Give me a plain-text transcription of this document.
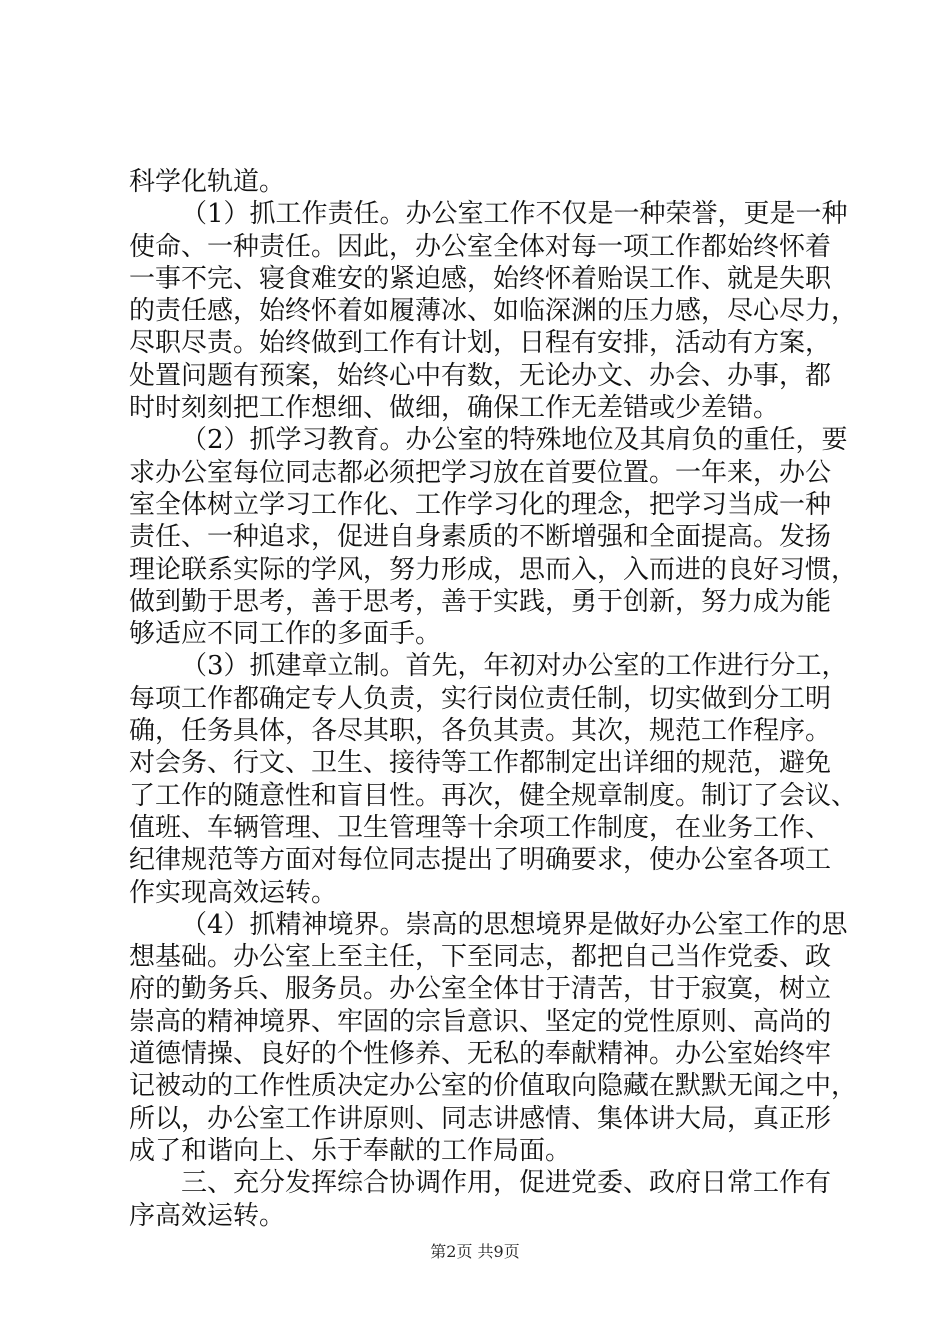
科学化轨道。
（1）抓工作责任。办公室工作不仅是一种荣誉，更是一种
使命、一种责任。因此，办公室全体对每一项工作都始终怀着
一事不完、寝食难安的紧迫感，始终怀着贻误工作、就是失职
的责任感，始终怀着如履薄冰、如临深渊的压力感，尽心尽力，
尽职尽责。始终做到工作有计划，日程有安排，活动有方案，
处置问题有预案，始终心中有数，无论办文、办会、办事，都
时时刻刻把工作想细、做细，确保工作无差错或少差错。
（2）抓学习教育。办公室的特殊地位及其肩负的重任，要
求办公室每位同志都必须把学习放在首要位置。一年来，办公
室全体树立学习工作化、工作学习化的理念，把学习当成一种
责任、一种追求，促进自身素质的不断增强和全面提高。发扬
理论联系实际的学风，努力形成，思而入，入而进的良好习惯，
做到勤于思考，善于思考，善于实践，勇于创新，努力成为能
够适应不同工作的多面手。
（3）抓建章立制。首先，年初对办公室的工作进行分工，
每项工作都确定专人负责，实行岗位责任制，切实做到分工明
确，任务具体，各尽其职，各负其责。其次，规范工作程序。
对会务、行文、卫生、接待等工作都制定出详细的规范，避免
了工作的随意性和盲目性。再次，健全规章制度。制订了会议、
值班、车辆管理、卫生管理等十余项工作制度，在业务工作、
纪律规范等方面对每位同志提出了明确要求，使办公室各项工
作实现高效运转。
（4）抓精神境界。崇高的思想境界是做好办公室工作的思
想基础。办公室上至主任，下至同志，都把自己当作党委、政
府的勤务兵、服务员。办公室全体甘于清苦，甘于寂寞，树立
崇高的精神境界、牢固的宗旨意识、坚定的党性原则、高尚的
道德情操、良好的个性修养、无私的奉献精神。办公室始终牢
记被动的工作性质决定办公室的价值取向隐藏在默默无闻之中，
所以，办公室工作讲原则、同志讲感情、集体讲大局，真正形
成了和谐向上、乐于奉献的工作局面。
三、充分发挥综合协调作用，促进党委、政府日常工作有
序高效运转。
第2页 共9页
